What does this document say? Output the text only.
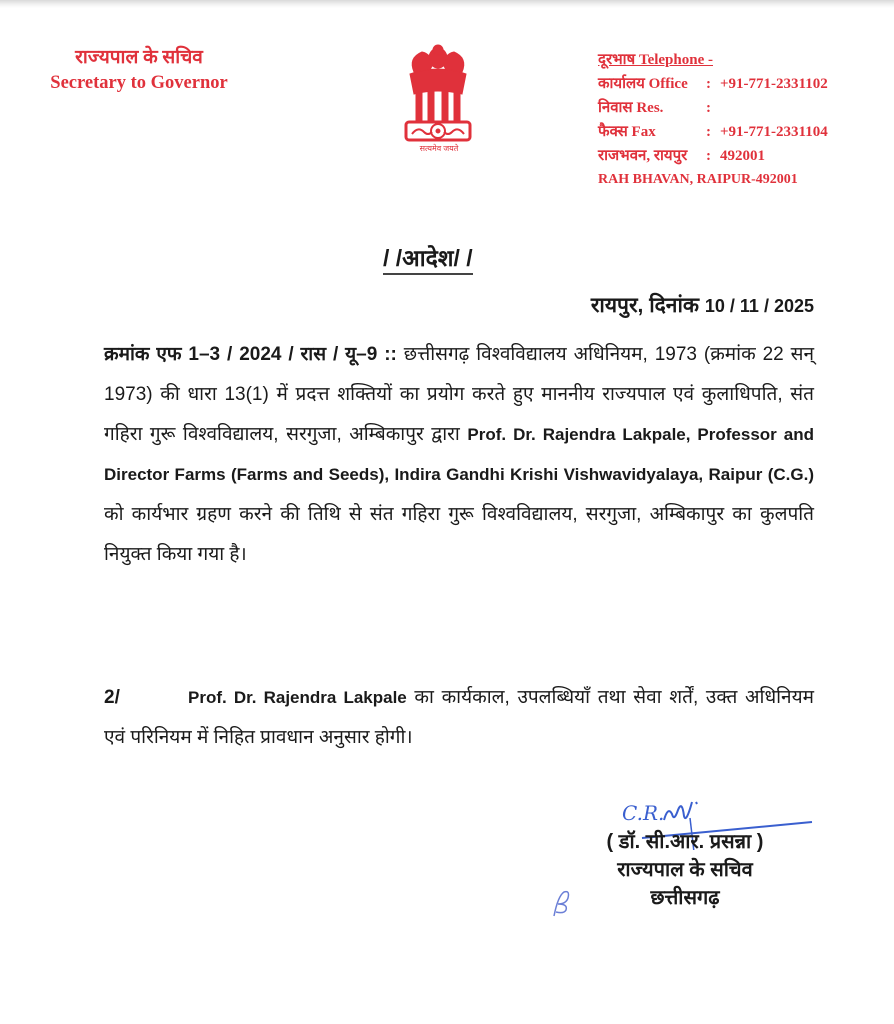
राज्यपाल के सचिव
Secretary to Governor
सत्यमेव जयते
दूरभाष Telephone -
कार्यालय Office	: +91-771-2331102
निवास Res.	:
फैक्स Fax	: +91-771-2331104
राजभवन, रायपुर	: 492001
RAH BHAVAN, RAIPUR-492001
/ /आदेश/ /
रायपुर, दिनांक 10 / 11 / 2025
क्रमांक एफ 1–3 / 2024 / रास / यू–9 :: छत्तीसगढ़ विश्वविद्यालय अधिनियम, 1973 (क्रमांक 22 सन् 1973) की धारा 13(1) में प्रदत्त शक्तियों का प्रयोग करते हुए माननीय राज्यपाल एवं कुलाधिपति, संत गहिरा गुरू विश्वविद्यालय, सरगुजा, अम्बिकापुर द्वारा Prof. Dr. Rajendra Lakpale, Professor and Director Farms (Farms and Seeds), Indira Gandhi Krishi Vishwavidyalaya, Raipur (C.G.) को कार्यभार ग्रहण करने की तिथि से संत गहिरा गुरू विश्वविद्यालय, सरगुजा, अम्बिकापुर का कुलपति नियुक्त किया गया है।
2/	Prof. Dr. Rajendra Lakpale का कार्यकाल, उपलब्धियाँ तथा सेवा शर्तें, उक्त अधिनियम एवं परिनियम में निहित प्रावधान अनुसार होगी।
C.R.
( डॉ. सी.आर. प्रसन्ना )
राज्यपाल के सचिव
छत्तीसगढ़
